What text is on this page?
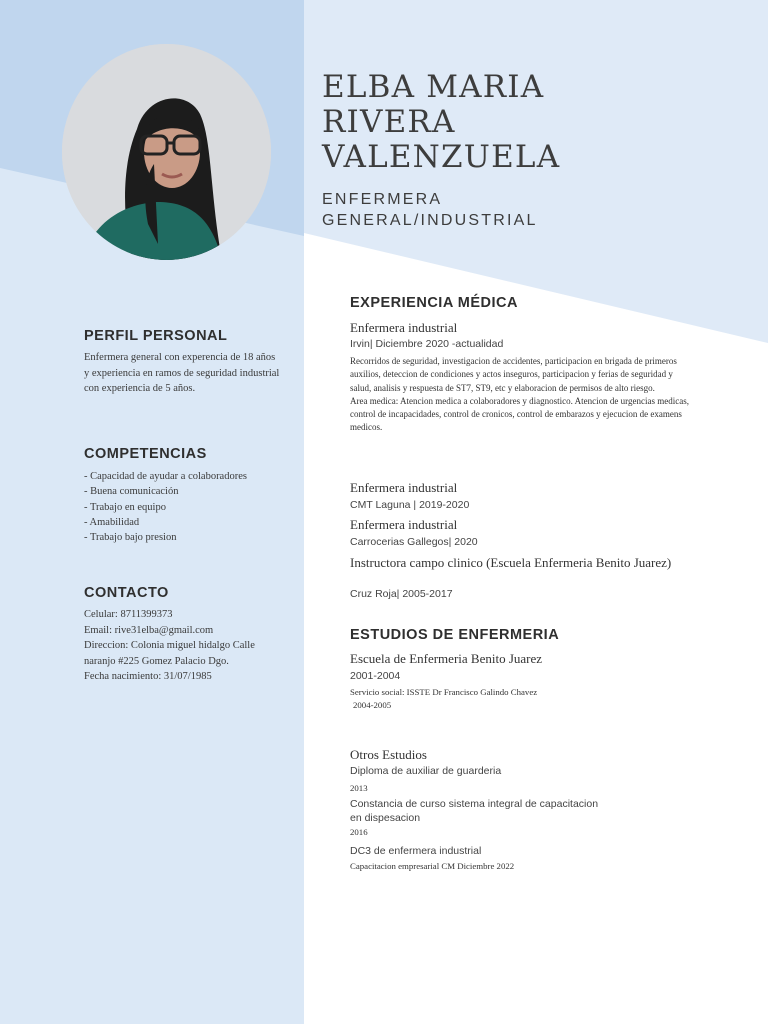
ELBA MARIA
RIVERA
VALENZUELA
ENFERMERA
GENERAL/INDUSTRIAL
PERFIL PERSONAL

Enfermera general con experencia de 18 años y experiencia en ramos de seguridad industrial con experiencia de 5 años.

COMPETENCIAS
- Capacidad de ayudar a colaboradores
- Buena comunicación
- Trabajo en equipo
- Amabilidad
- Trabajo bajo presion
CONTACTO
Celular: 8711399373
Email: rive31elba@gmail.com
Direccion: Colonia miguel hidalgo Calle naranjo #225 Gomez Palacio Dgo.
Fecha nacimiento: 31/07/1985
EXPERIENCIA MÉDICA

Enfermera industrial

Irvin| Diciembre 2020 -actualidad

Recorridos de seguridad, investigacion de accidentes, participacion en brigada de primeros auxilios, deteccion de condiciones y actos inseguros, participacion y ferias de seguridad y salud, analisis y respuesta de ST7, ST9, etc y elaboracion de permisos de alto riesgo.
Area medica: Atencion medica a colaboradores y diagnostico. Atencion de urgencias medicas, control de incapacidades, control de cronicos, control de embarazos y ejecucion de examens medicos.

Enfermera industrial

CMT Laguna | 2019-2020

Enfermera industrial

Carrocerias Gallegos| 2020

Instructora campo clinico (Escuela Enfermeria Benito Juarez)

Cruz Roja| 2005-2017

ESTUDIOS DE ENFERMERIA

Escuela de Enfermeria Benito Juarez

2001-2004

Servicio social: ISSTE Dr Francisco Galindo Chavez

2004-2005

Otros Estudios

Diploma de auxiliar de guarderia

2013

Constancia de curso sistema integral de capacitacion en dispesacion

2016

DC3 de enfermera industrial

Capacitacion empresarial CM Diciembre 2022
